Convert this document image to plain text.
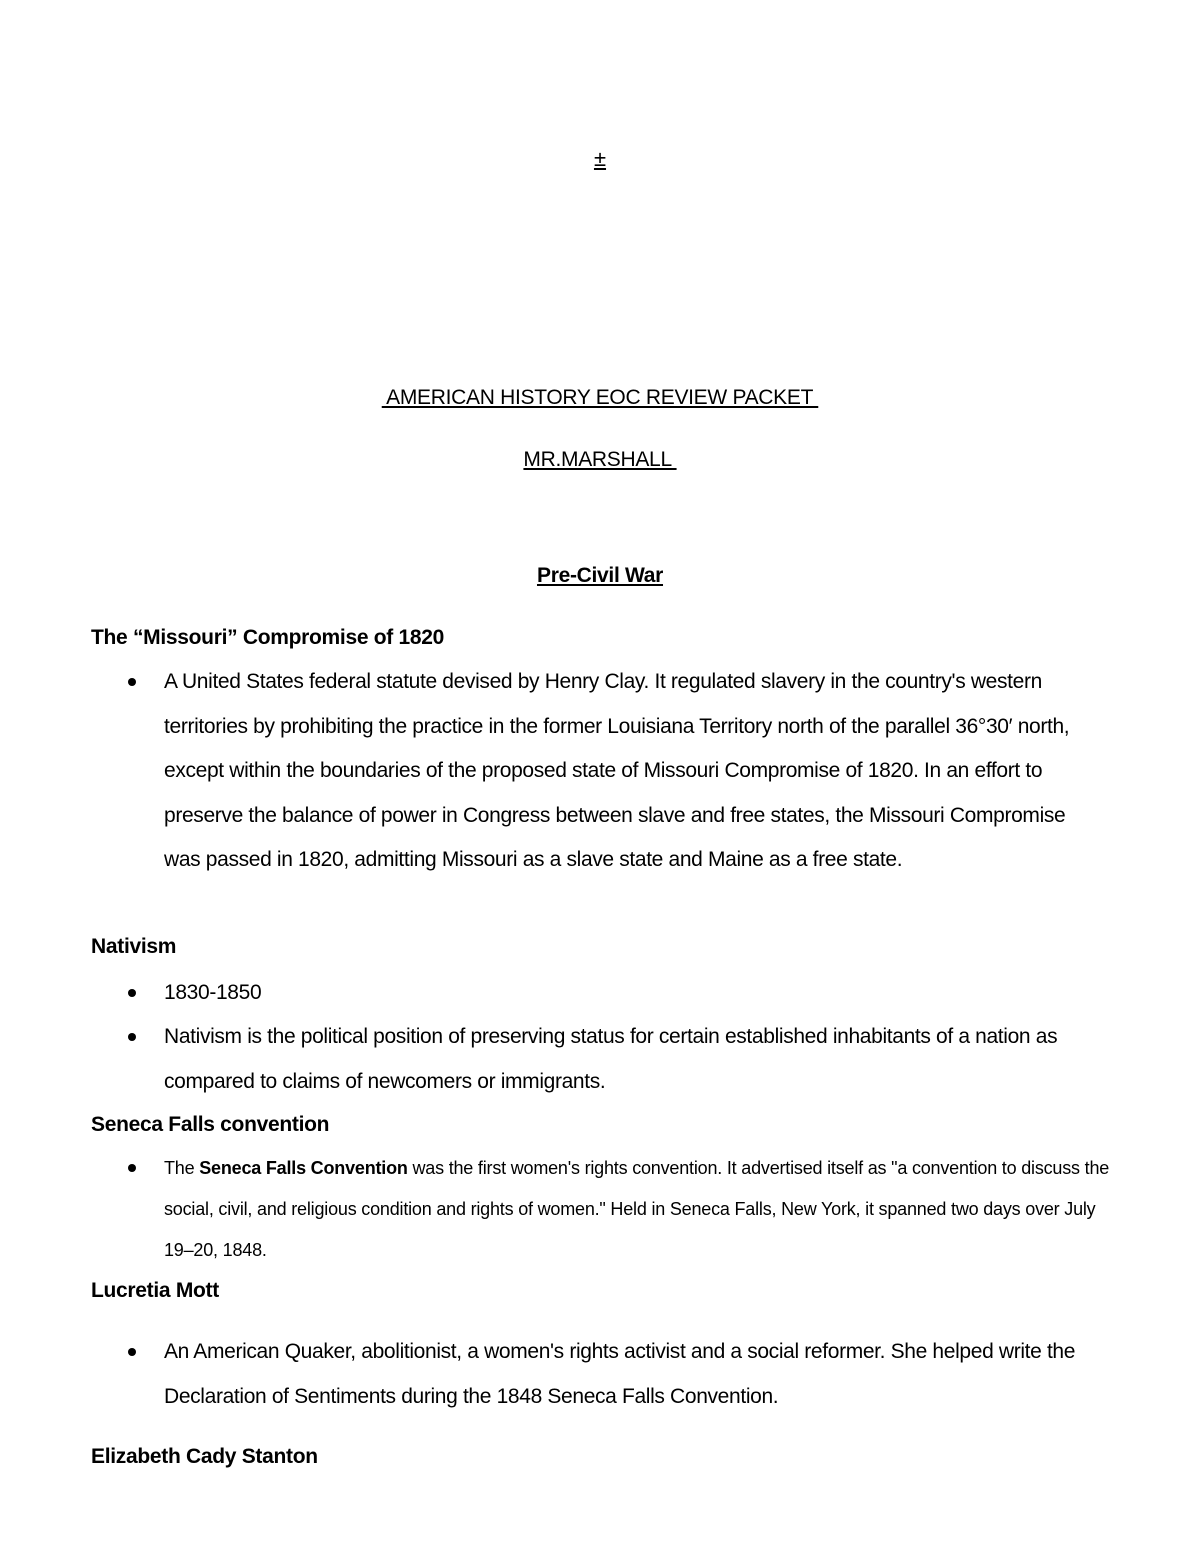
±
AMERICAN HISTORY EOC REVIEW PACKET
MR.MARSHALL
Pre-Civil War
The “Missouri” Compromise of 1820
A United States federal statute devised by Henry Clay. It regulated slavery in the country's western territories by prohibiting the practice in the former Louisiana Territory north of the parallel 36°30′ north, except within the boundaries of the proposed state of Missouri Compromise of 1820. In an effort to preserve the balance of power in Congress between slave and free states, the Missouri Compromise was passed in 1820, admitting Missouri as a slave state and Maine as a free state.
Nativism
1830-1850
Nativism is the political position of preserving status for certain established inhabitants of a nation as compared to claims of newcomers or immigrants.
Seneca Falls convention
The Seneca Falls Convention was the first women's rights convention. It advertised itself as "a convention to discuss the social, civil, and religious condition and rights of women." Held in Seneca Falls, New York, it spanned two days over July 19–20, 1848.
Lucretia Mott
An American Quaker, abolitionist, a women's rights activist and a social reformer. She helped write the Declaration of Sentiments during the 1848 Seneca Falls Convention.
Elizabeth Cady Stanton
